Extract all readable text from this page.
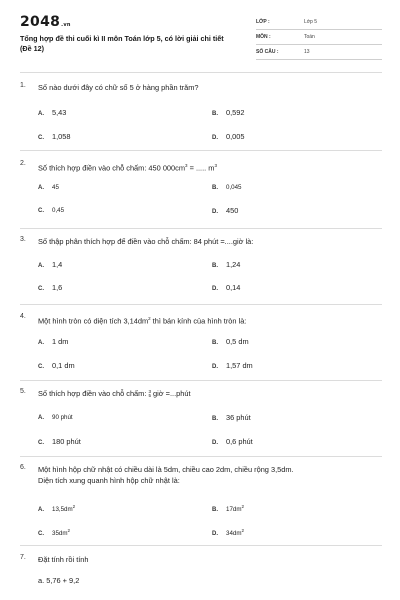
2048.vn
Tổng hợp đề thi cuối kì II môn Toán lớp 5, có lời giải chi tiết
(Đề 12)
LỚP :	Lớp 5
MÔN :	Toán
SỐ CÂU :	13
1. Số nào dưới đây có chữ số 5 ở hàng phần trăm?
A. 5,43	B. 0,592
C. 1,058	D. 0,005
2. Số thích hợp điền vào chỗ chấm: 450 $000cm^3$ = ..... $m^3$
A. 45	B. 0,045
C. 0,45	D. 450
3. Số thập phân thích hợp để điền vào chỗ chấm: 84 phút =....giờ là:
A. 1,4	B. 1,24
C. 1,6	D. 0,14
4. Một hình tròn có diện tích $3,14dm^2$ thì bán kính của hình tròn là:
A. 1 dm	B. 0,5 dm
C. 0,1 dm	D. 1,57 dm
5. Số thích hợp điền vào chỗ chấm: 3
5 giờ =...phút
A. 90 phút	B. 36 phút
C. 180 phút	D. 0,6 phút
6. Một hình hộp chữ nhật có chiều dài là 5dm, chiều cao 2dm, chiều rộng 3,5dm.
Diện tích xung quanh hình hộp chữ nhật là:
A. $13,5dm^2$
B. $17dm^2$
C. $35dm^2$
D. $34dm^2$
7. Đặt tính rồi tính
a. 5,76 + 9,2
